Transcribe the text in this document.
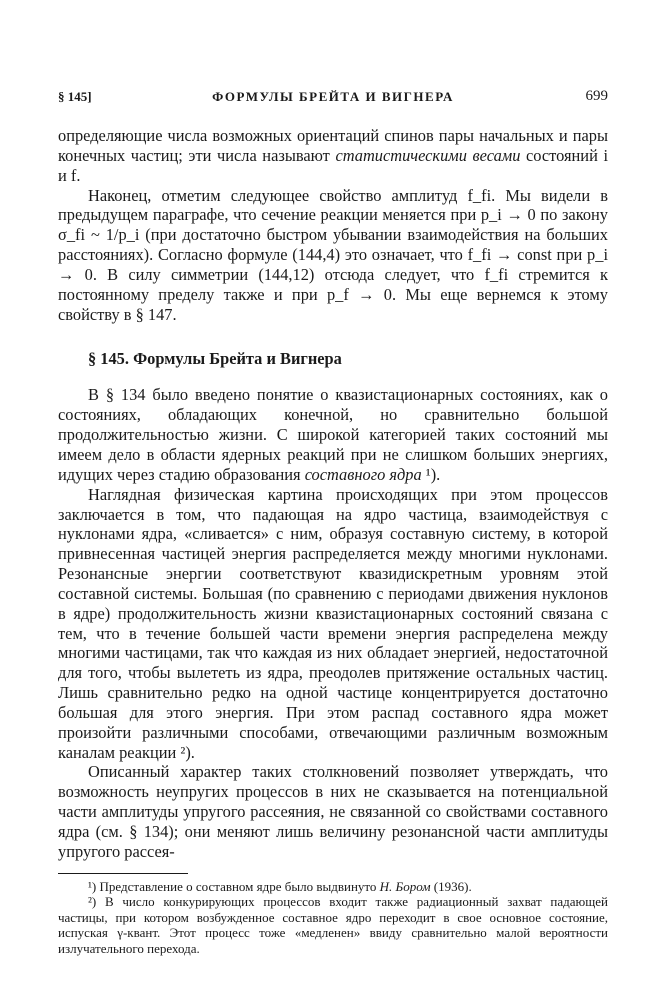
§ 145]	ФОРМУЛЫ БРЕЙТА И ВИГНЕРА	699

определяющие числа возможных ориентаций спинов пары начальных и пары конечных частиц; эти числа называют статистическими весами состояний i и f.

Наконец, отметим следующее свойство амплитуд f_fi. Мы видели в предыдущем параграфе, что сечение реакции меняется при p_i → 0 по закону σ_fi ~ 1/p_i (при достаточно быстром убывании взаимодействия на больших расстояниях). Согласно формуле (144,4) это означает, что f_fi → const при p_i → 0. В силу симметрии (144,12) отсюда следует, что f_fi стремится к постоянному пределу также и при p_f → 0. Мы еще вернемся к этому свойству в § 147.

§ 145. Формулы Брейта и Вигнера

В § 134 было введено понятие о квазистационарных состояниях, как о состояниях, обладающих конечной, но сравнительно большой продолжительностью жизни. С широкой категорией таких состояний мы имеем дело в области ядерных реакций при не слишком больших энергиях, идущих через стадию образования составного ядра ¹).

Наглядная физическая картина происходящих при этом процессов заключается в том, что падающая на ядро частица, взаимодействуя с нуклонами ядра, «сливается» с ним, образуя составную систему, в которой привнесенная частицей энергия распределяется между многими нуклонами. Резонансные энергии соответствуют квазидискретным уровням этой составной системы. Большая (по сравнению с периодами движения нуклонов в ядре) продолжительность жизни квазистационарных состояний связана с тем, что в течение большей части времени энергия распределена между многими частицами, так что каждая из них обладает энергией, недостаточной для того, чтобы вылететь из ядра, преодолев притяжение остальных частиц. Лишь сравнительно редко на одной частице концентрируется достаточно большая для этого энергия. При этом распад составного ядра может произойти различными способами, отвечающими различным возможным каналам реакции ²).

Описанный характер таких столкновений позволяет утверждать, что возможность неупругих процессов в них не сказывается на потенциальной части амплитуды упругого рассеяния, не связанной со свойствами составного ядра (см. § 134); они меняют лишь величину резонансной части амплитуды упругого рассея-

¹) Представление о составном ядре было выдвинуто Н. Бором (1936).

²) В число конкурирующих процессов входит также радиационный захват падающей частицы, при котором возбужденное составное ядро переходит в свое основное состояние, испуская γ-квант. Этот процесс тоже «медленен» ввиду сравнительно малой вероятности излучательного перехода.
